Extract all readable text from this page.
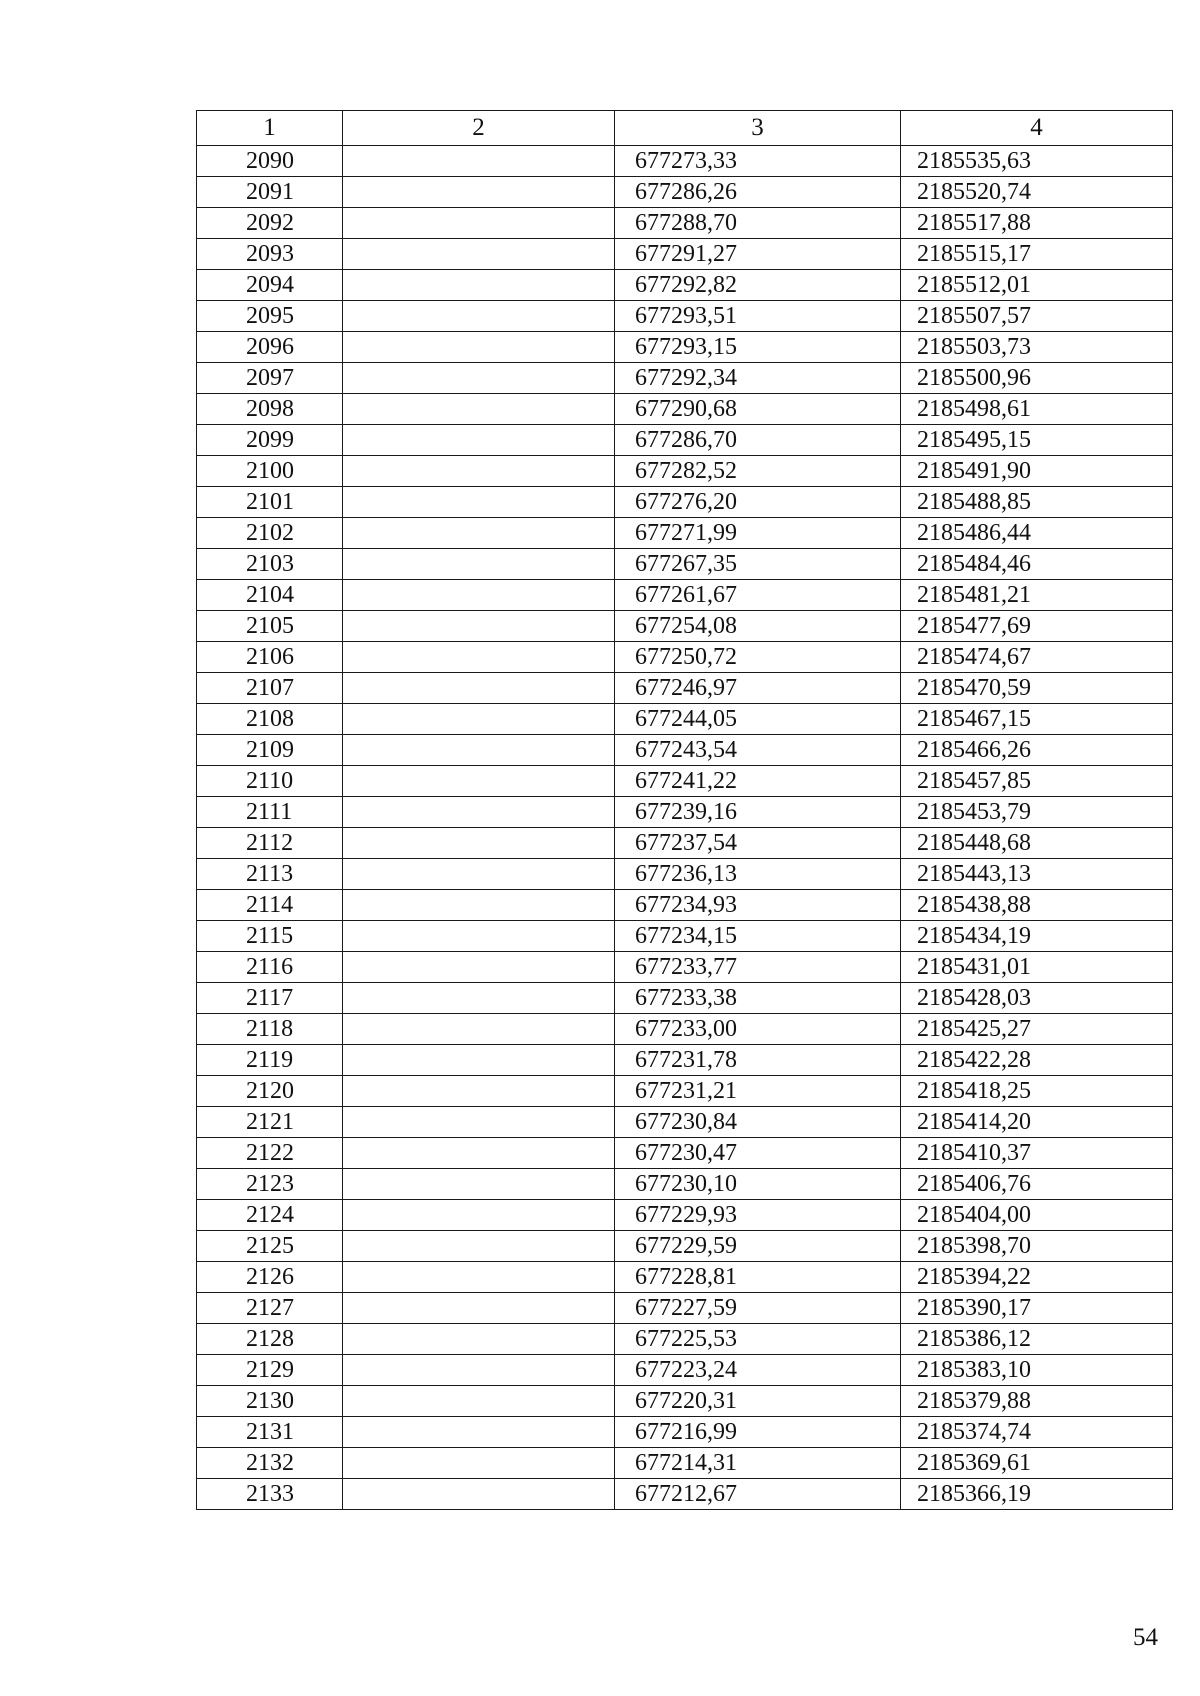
1	2	3	4
2090		677273,33	2185535,63
2091		677286,26	2185520,74
2092		677288,70	2185517,88
2093		677291,27	2185515,17
2094		677292,82	2185512,01
2095		677293,51	2185507,57
2096		677293,15	2185503,73
2097		677292,34	2185500,96
2098		677290,68	2185498,61
2099		677286,70	2185495,15
2100		677282,52	2185491,90
2101		677276,20	2185488,85
2102		677271,99	2185486,44
2103		677267,35	2185484,46
2104		677261,67	2185481,21
2105		677254,08	2185477,69
2106		677250,72	2185474,67
2107		677246,97	2185470,59
2108		677244,05	2185467,15
2109		677243,54	2185466,26
2110		677241,22	2185457,85
2111		677239,16	2185453,79
2112		677237,54	2185448,68
2113		677236,13	2185443,13
2114		677234,93	2185438,88
2115		677234,15	2185434,19
2116		677233,77	2185431,01
2117		677233,38	2185428,03
2118		677233,00	2185425,27
2119		677231,78	2185422,28
2120		677231,21	2185418,25
2121		677230,84	2185414,20
2122		677230,47	2185410,37
2123		677230,10	2185406,76
2124		677229,93	2185404,00
2125		677229,59	2185398,70
2126		677228,81	2185394,22
2127		677227,59	2185390,17
2128		677225,53	2185386,12
2129		677223,24	2185383,10
2130		677220,31	2185379,88
2131		677216,99	2185374,74
2132		677214,31	2185369,61
2133		677212,67	2185366,19
54
